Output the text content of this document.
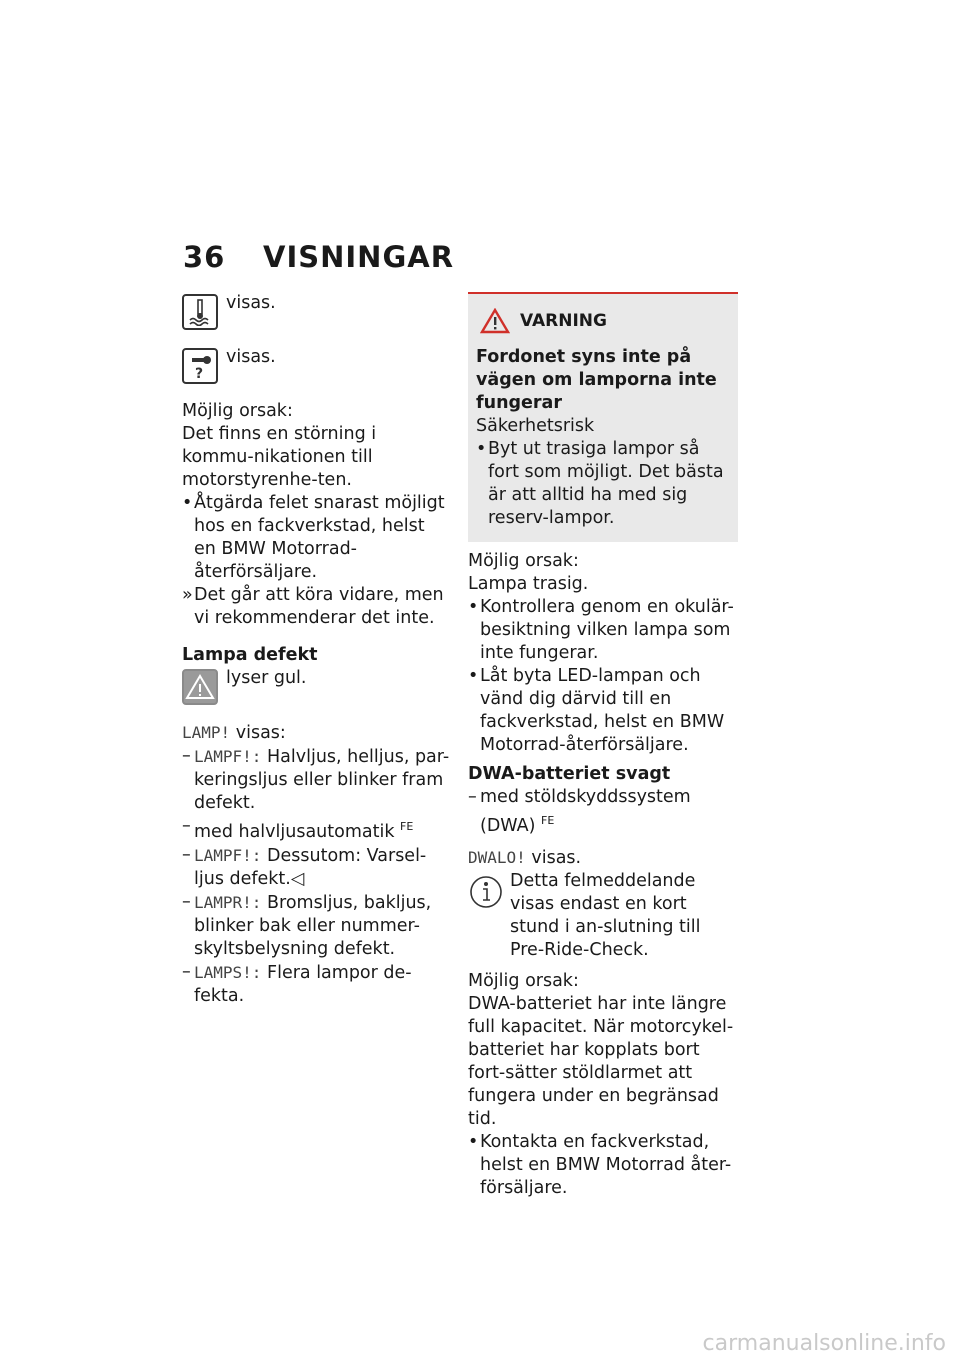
36 VISNINGAR

visas.

?

visas.

Möjlig orsak:

Det finns en störning i kommu-nikationen till motorstyrenhe-ten.

• Åtgärda felet snarast möjligt hos en fackverkstad, helst en BMW Motorrad-återförsäljare.
» Det går att köra vidare, men vi rekommenderar det inte.

Lampa defekt

lyser gul.

LAMP! visas:

– LAMPF!: Halvljus, helljus, par-keringsljus eller blinker fram defekt.
– med halvljusautomatik $^{FE}$
– LAMPF!: Dessutom: Varsel-ljus defekt.◁
– LAMPR!: Bromsljus, bakljus, blinker bak eller nummer-skyltsbelysning defekt.
– LAMPS!: Flera lampor de-fekta.
VARNING

Fordonet syns inte på vägen om lamporna inte fungerar

Säkerhetsrisk

• Byt ut trasiga lampor så fort som möjligt. Det bästa är att alltid ha med sig reserv-lampor.

Möjlig orsak:

Lampa trasig.

• Kontrollera genom en okulär-besiktning vilken lampa som inte fungerar.
• Låt byta LED-lampan och vänd dig därvid till en fackverkstad, helst en BMW Motorrad-återförsäljare.

DWA-batteriet svagt

– med stöldskyddssystem (DWA) $^{FE}$

DWALO! visas.

Detta felmeddelande visas endast en kort stund i an-slutning till Pre-Ride-Check.

Möjlig orsak:

DWA-batteriet har inte längre full kapacitet. När motorcykel-batteriet har kopplats bort fort-sätter stöldlarmet att fungera under en begränsad tid.

• Kontakta en fackverkstad, helst en BMW Motorrad åter-försäljare.
carmanualsonline.info
